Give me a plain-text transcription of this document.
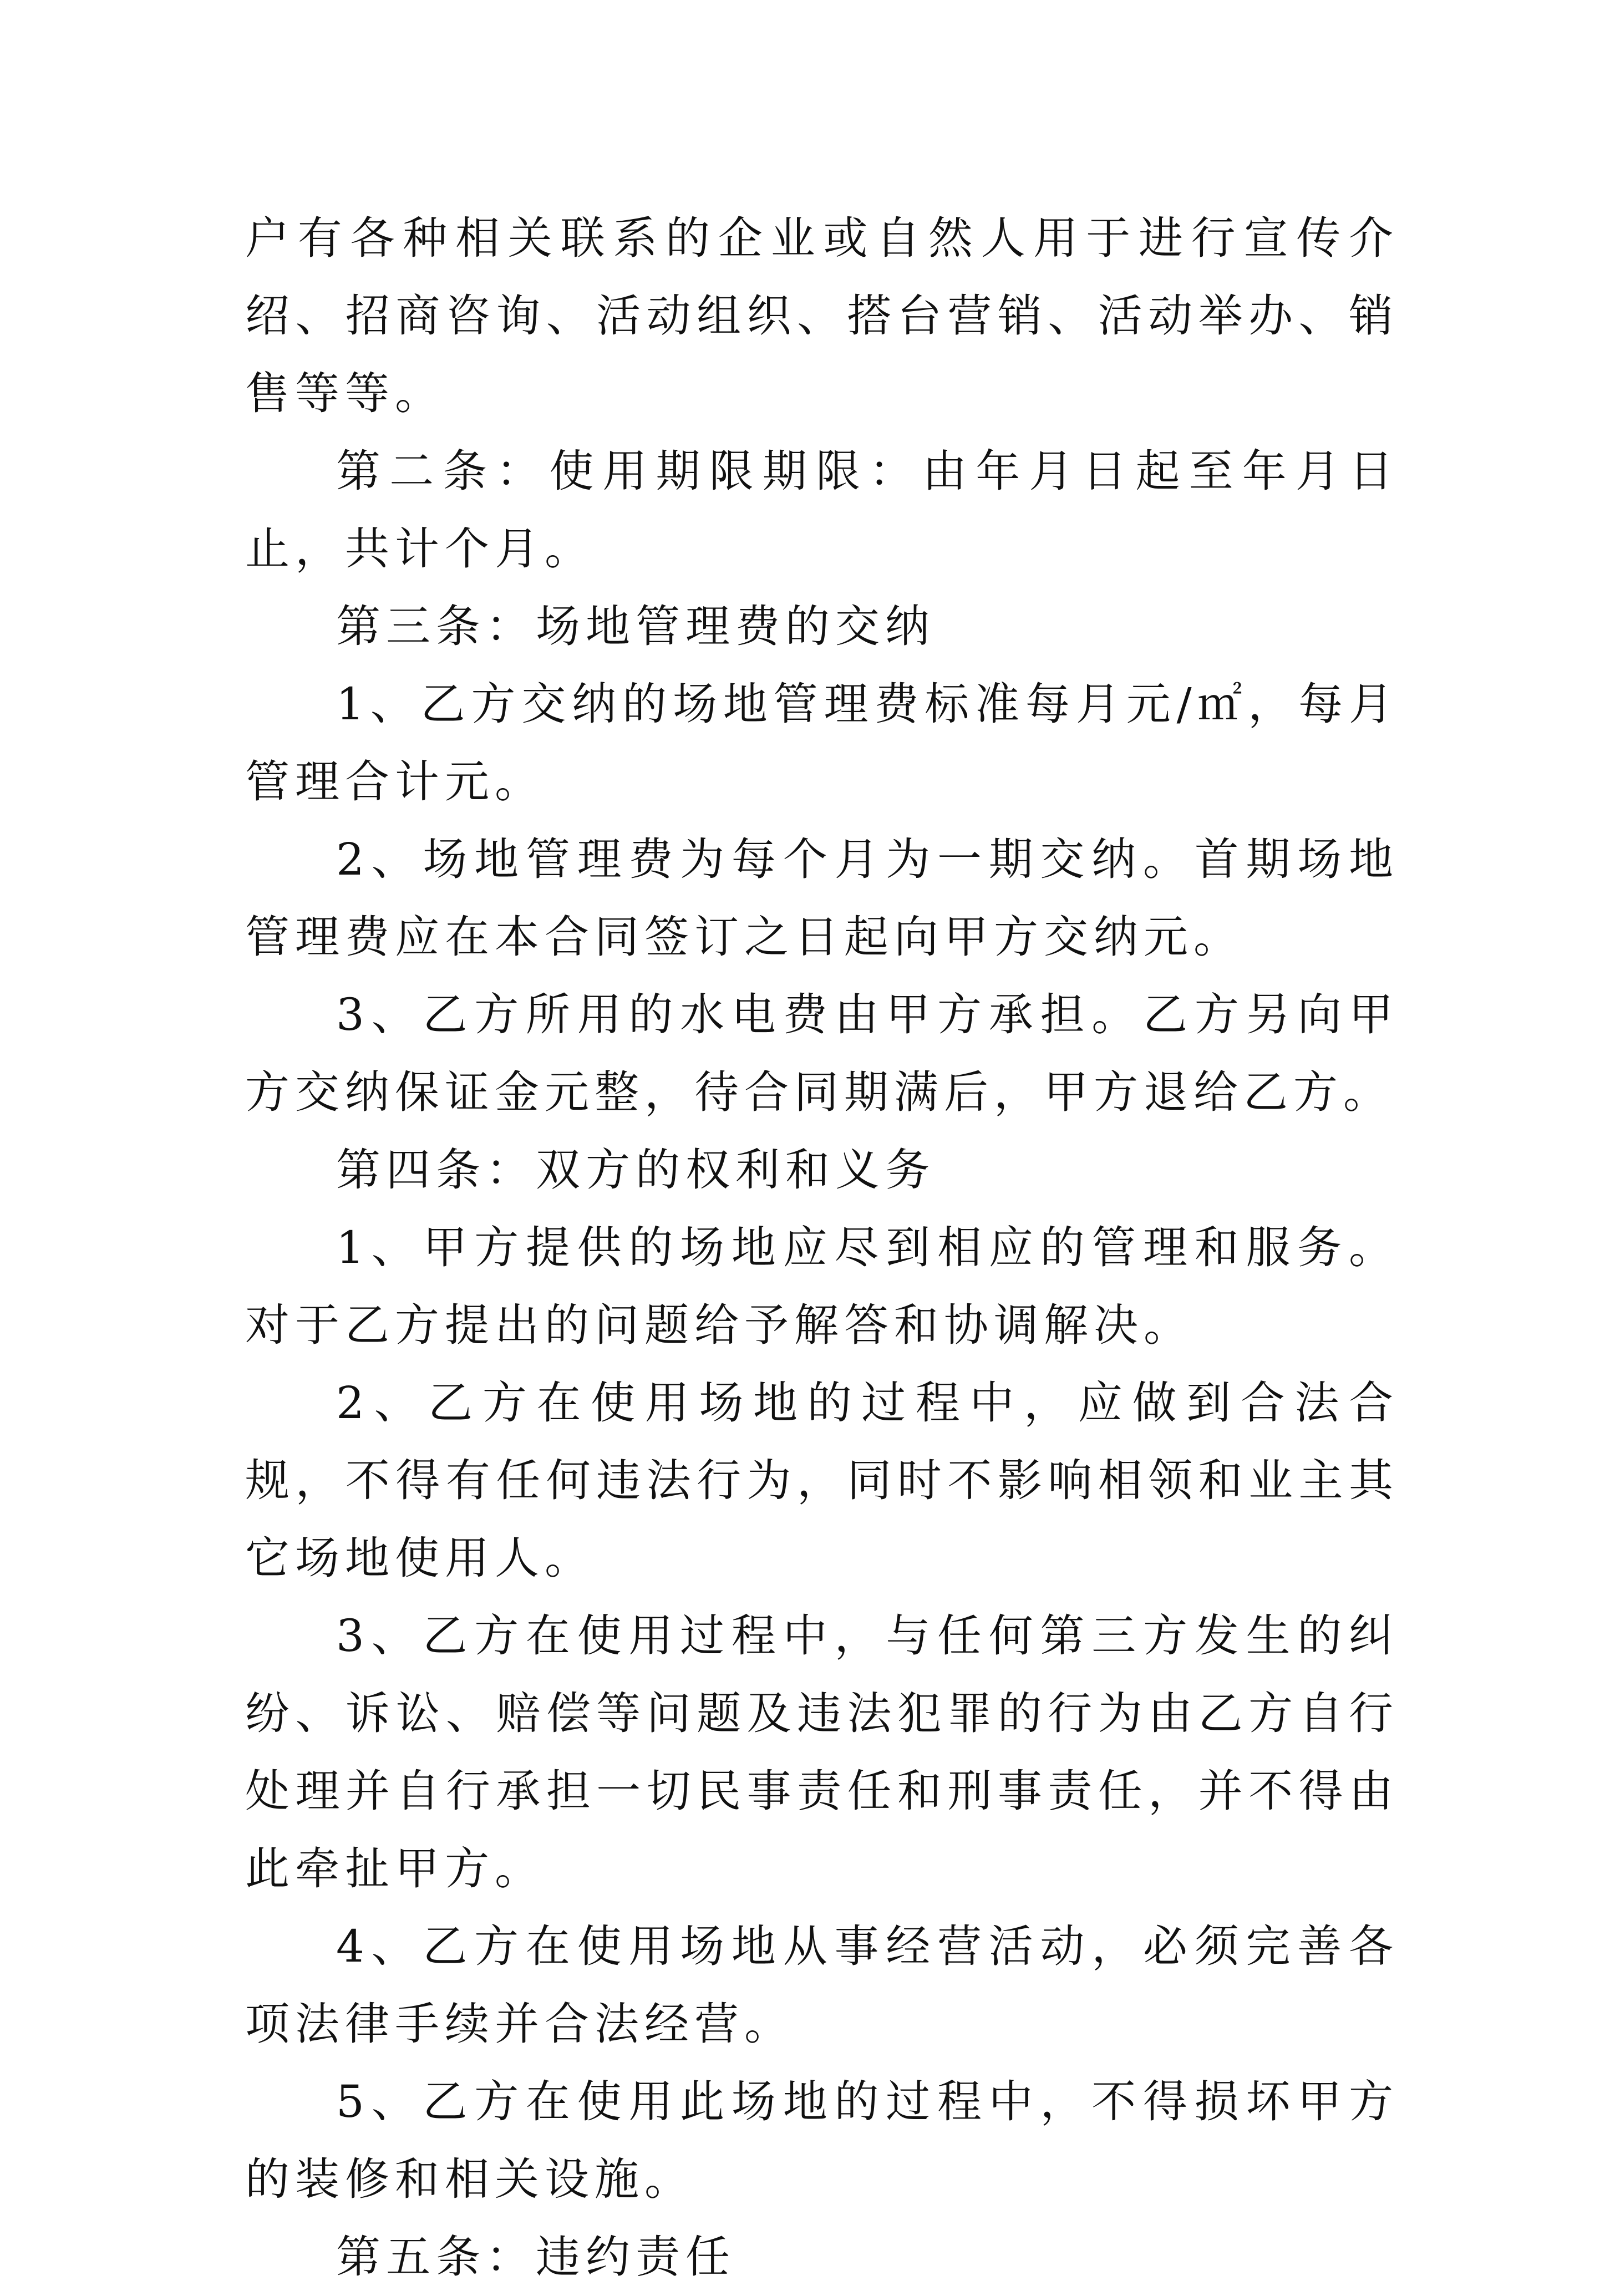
户有各种相关联系的企业或自然人用于进行宣传介绍、招商咨询、活动组织、搭台营销、活动举办、销售等等。

第二条：使用期限期限：由年月日起至年月日止，共计个月。

第三条：场地管理费的交纳

1、乙方交纳的场地管理费标准每月元/㎡，每月管理合计元。

2、场地管理费为每个月为一期交纳。首期场地管理费应在本合同签订之日起向甲方交纳元。

3、乙方所用的水电费由甲方承担。乙方另向甲方交纳保证金元整，待合同期满后，甲方退给乙方。

第四条：双方的权利和义务

1、甲方提供的场地应尽到相应的管理和服务。对于乙方提出的问题给予解答和协调解决。

2、乙方在使用场地的过程中，应做到合法合规，不得有任何违法行为，同时不影响相领和业主其它场地使用人。

3、乙方在使用过程中，与任何第三方发生的纠纷、诉讼、赔偿等问题及违法犯罪的行为由乙方自行处理并自行承担一切民事责任和刑事责任，并不得由此牵扯甲方。

4、乙方在使用场地从事经营活动，必须完善各项法律手续并合法经营。

5、乙方在使用此场地的过程中，不得损坏甲方的装修和相关设施。

第五条：违约责任
